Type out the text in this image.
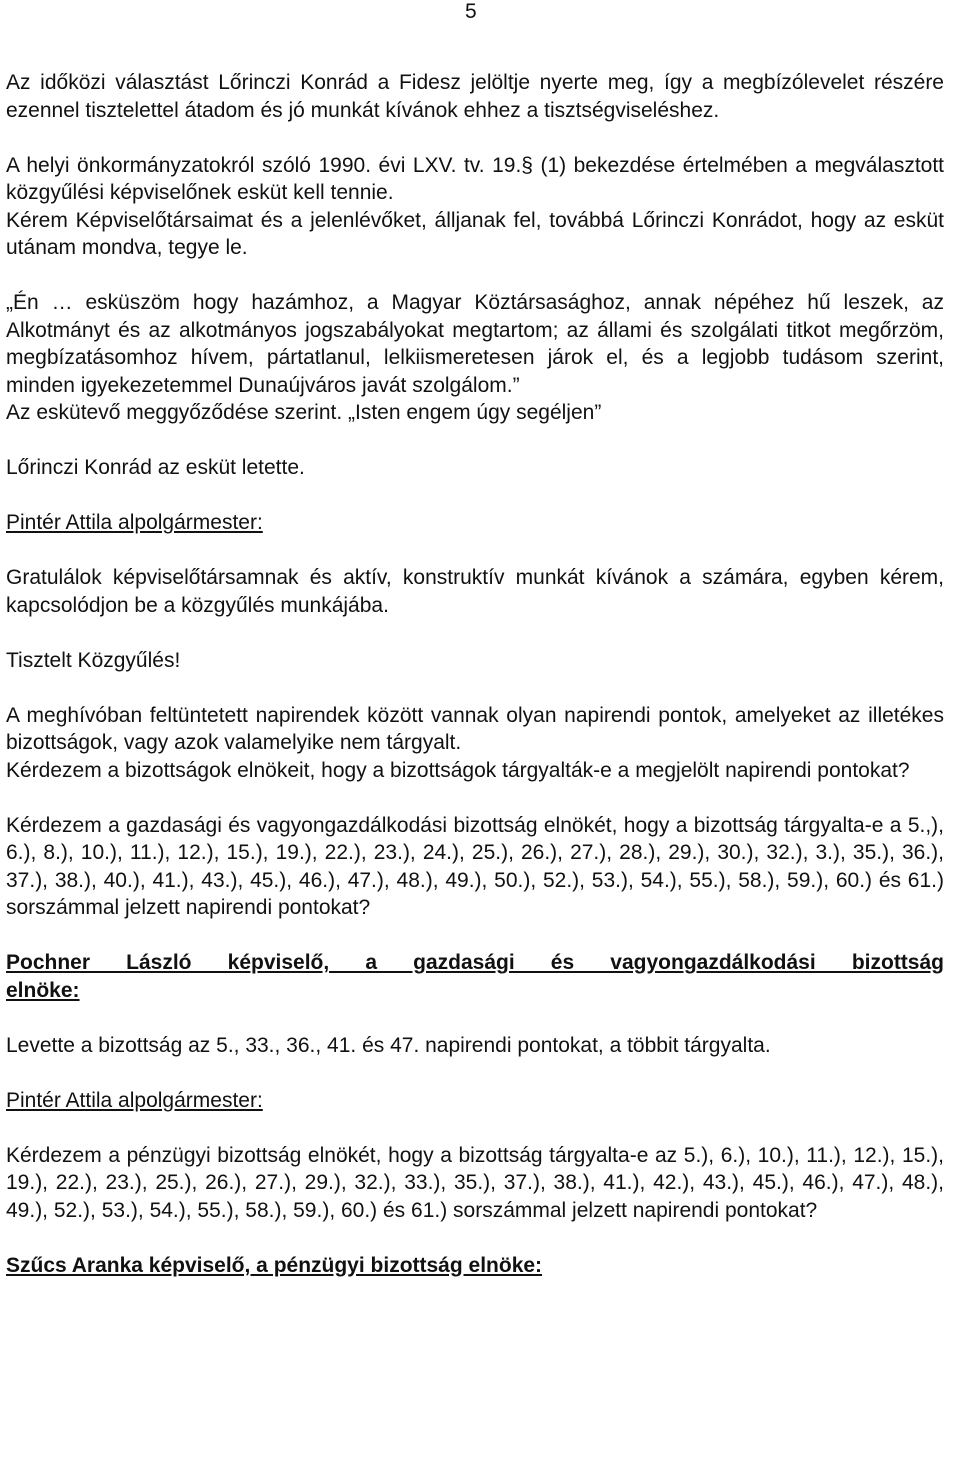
5

Az időközi választást Lőrinczi Konrád a Fidesz jelöltje nyerte meg, így a megbízólevelet részére ezennel tisztelettel átadom és jó munkát kívánok ehhez a tisztségviseléshez.

A helyi önkormányzatokról szóló 1990. évi LXV. tv. 19.§ (1) bekezdése értelmében a megválasztott közgyűlési képviselőnek esküt kell tennie.

Kérem Képviselőtársaimat és a jelenlévőket, álljanak fel, továbbá Lőrinczi Konrádot, hogy az esküt utánam mondva, tegye le.

„Én … esküszöm hogy hazámhoz, a Magyar Köztársasághoz, annak népéhez hű leszek, az Alkotmányt és az alkotmányos jogszabályokat megtartom; az állami és szolgálati titkot megőrzöm, megbízatásomhoz hívem, pártatlanul, lelkiismeretesen járok el, és a legjobb tudásom szerint, minden igyekezetemmel Dunaújváros javát szolgálom.”

Az eskütevő meggyőződése szerint. „Isten engem úgy segéljen”

Lőrinczi Konrád az esküt letette.

Pintér Attila alpolgármester:

Gratulálok képviselőtársamnak és aktív, konstruktív munkát kívánok a számára, egyben kérem, kapcsolódjon be a közgyűlés munkájába.

Tisztelt Közgyűlés!

A meghívóban feltüntetett napirendek között vannak olyan napirendi pontok, amelyeket az illetékes bizottságok, vagy azok valamelyike nem tárgyalt.

Kérdezem a bizottságok elnökeit, hogy a bizottságok tárgyalták-e a megjelölt napirendi pontokat?

Kérdezem a gazdasági és vagyongazdálkodási bizottság elnökét, hogy a bizottság tárgyalta-e a 5.,), 6.), 8.), 10.), 11.), 12.), 15.), 19.), 22.), 23.), 24.), 25.), 26.), 27.), 28.), 29.), 30.), 32.), 3.), 35.), 36.), 37.), 38.), 40.), 41.), 43.), 45.), 46.), 47.), 48.), 49.), 50.), 52.), 53.), 54.), 55.), 58.), 59.), 60.) és 61.) sorszámmal jelzett napirendi pontokat?

Pochner László képviselő, a gazdasági és vagyongazdálkodási bizottság

elnöke:

Levette a bizottság az 5., 33., 36., 41. és 47. napirendi pontokat, a többit tárgyalta.

Pintér Attila alpolgármester:

Kérdezem a pénzügyi bizottság elnökét, hogy a bizottság tárgyalta-e az 5.), 6.), 10.), 11.), 12.), 15.), 19.), 22.), 23.), 25.), 26.), 27.), 29.), 32.), 33.), 35.), 37.), 38.), 41.), 42.), 43.), 45.), 46.), 47.), 48.), 49.), 52.), 53.), 54.), 55.), 58.), 59.), 60.) és 61.) sorszámmal jelzett napirendi pontokat?

Szűcs Aranka képviselő, a pénzügyi bizottság elnöke:
